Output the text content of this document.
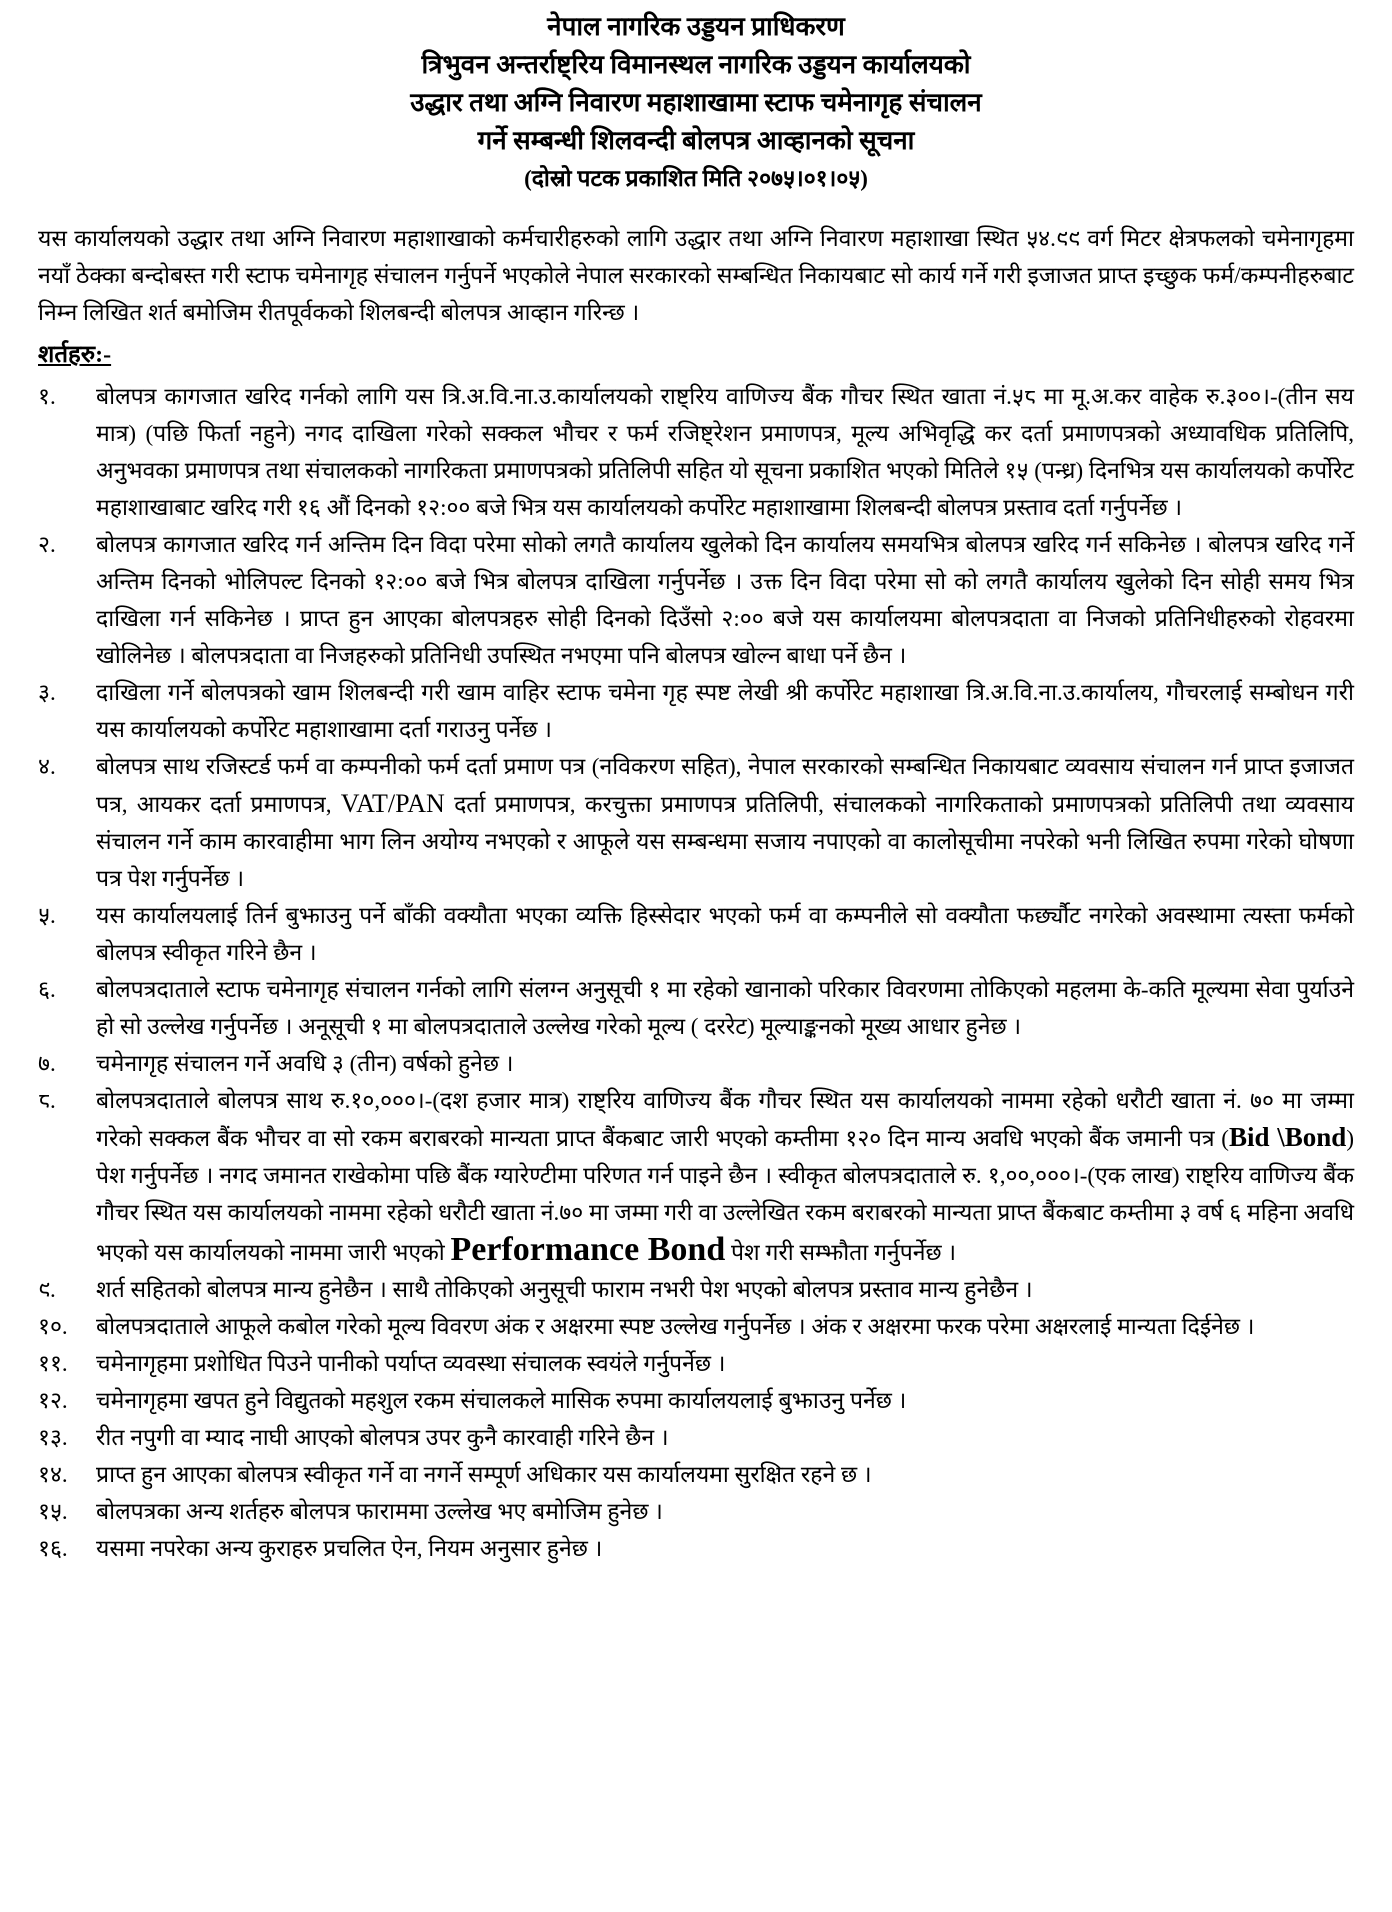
नेपाल नागरिक उड्डयन प्राधिकरण
त्रिभुवन अन्तर्राष्ट्रिय विमानस्थल नागरिक उड्डयन कार्यालयको
उद्धार तथा अग्नि निवारण महाशाखामा स्टाफ चमेनागृह संचालन
गर्ने सम्बन्धी शिलवन्दी बोलपत्र आव्हानको सूचना
(दोस्रो पटक प्रकाशित मिति २०७५।०१।०५)

यस कार्यालयको उद्धार तथा अग्नि निवारण महाशाखाको कर्मचारीहरुको लागि उद्धार तथा अग्नि निवारण महाशाखा स्थित ५४.९९ वर्ग मिटर क्षेत्रफलको चमेनागृहमा नयाँ ठेक्का बन्दोबस्त गरी स्टाफ चमेनागृह संचालन गर्नुपर्ने भएकोले नेपाल सरकारको सम्बन्धित निकायबाट सो कार्य गर्ने गरी इजाजत प्राप्त इच्छुक फर्म/कम्पनीहरुबाट निम्न लिखित शर्त बमोजिम रीतपूर्वकको शिलबन्दी बोलपत्र आव्हान गरिन्छ ।

शर्तहरु:-
१.	बोलपत्र कागजात खरिद गर्नको लागि यस त्रि.अ.वि.ना.उ.कार्यालयको राष्ट्रिय वाणिज्य बैंक गौचर स्थित खाता नं.५८ मा मू.अ.कर वाहेक रु.३००।-(तीन सय मात्र) (पछि फिर्ता नहुने) नगद दाखिला गरेको सक्कल भौचर र फर्म रजिष्ट्रेशन प्रमाणपत्र, मूल्य अभिवृद्धि कर दर्ता प्रमाणपत्रको अध्यावधिक प्रतिलिपि, अनुभवका प्रमाणपत्र तथा संचालकको नागरिकता प्रमाणपत्रको प्रतिलिपी सहित यो सूचना प्रकाशित भएको मितिले १५ (पन्ध्र) दिनभित्र यस कार्यालयको कर्पोरेट महाशाखाबाट खरिद गरी १६ औं दिनको १२:०० बजे भित्र यस कार्यालयको कर्पोरेट महाशाखामा शिलबन्दी बोलपत्र प्रस्ताव दर्ता गर्नुपर्नेछ ।
२.	बोलपत्र कागजात खरिद गर्न अन्तिम दिन विदा परेमा सोको लगतै कार्यालय खुलेको दिन कार्यालय समयभित्र बोलपत्र खरिद गर्न सकिनेछ । बोलपत्र खरिद गर्ने अन्तिम दिनको भोलिपल्ट दिनको १२:०० बजे भित्र बोलपत्र दाखिला गर्नुपर्नेछ । उक्त दिन विदा परेमा सो को लगतै कार्यालय खुलेको दिन सोही समय भित्र दाखिला गर्न सकिनेछ । प्राप्त हुन आएका बोलपत्रहरु सोही दिनको दिउँसो २:०० बजे यस कार्यालयमा बोलपत्रदाता वा निजको प्रतिनिधीहरुको रोहवरमा खोलिनेछ । बोलपत्रदाता वा निजहरुको प्रतिनिधी उपस्थित नभएमा पनि बोलपत्र खोल्न बाधा पर्ने छैन ।
३.	दाखिला गर्ने बोलपत्रको खाम शिलबन्दी गरी खाम वाहिर स्टाफ चमेना गृह स्पष्ट लेखी श्री कर्पोरेट महाशाखा त्रि.अ.वि.ना.उ.कार्यालय, गौचरलाई सम्बोधन गरी यस कार्यालयको कर्पोरेट महाशाखामा दर्ता गराउनु पर्नेछ ।
४.	बोलपत्र साथ रजिस्टर्ड फर्म वा कम्पनीको फर्म दर्ता प्रमाण पत्र (नविकरण सहित), नेपाल सरकारको सम्बन्धित निकायबाट व्यवसाय संचालन गर्न प्राप्त इजाजत पत्र, आयकर दर्ता प्रमाणपत्र, VAT/PAN दर्ता प्रमाणपत्र, करचुक्ता प्रमाणपत्र प्रतिलिपी, संचालकको नागरिकताको प्रमाणपत्रको प्रतिलिपी तथा व्यवसाय संचालन गर्ने काम कारवाहीमा भाग लिन अयोग्य नभएको र आफूले यस सम्बन्धमा सजाय नपाएको वा कालोसूचीमा नपरेको भनी लिखित रुपमा गरेको घोषणा पत्र पेश गर्नुपर्नेछ ।
५.	यस कार्यालयलाई तिर्न बुझाउनु पर्ने बाँकी वक्यौता भएका व्यक्ति हिस्सेदार भएको फर्म वा कम्पनीले सो वक्यौता फर्छ्यौट नगरेको अवस्थामा त्यस्ता फर्मको बोलपत्र स्वीकृत गरिने छैन ।
६.	बोलपत्रदाताले स्टाफ चमेनागृह संचालन गर्नको लागि संलग्न अनुसूची १ मा रहेको खानाको परिकार विवरणमा तोकिएको महलमा के-कति मूल्यमा सेवा पुर्याउने हो सो उल्लेख गर्नुपर्नेछ । अनूसूची १ मा बोलपत्रदाताले उल्लेख गरेको मूल्य ( दररेट) मूल्याङ्कनको मूख्य आधार हुनेछ ।
७.	चमेनागृह संचालन गर्ने अवधि ३ (तीन) वर्षको हुनेछ ।
८.	बोलपत्रदाताले बोलपत्र साथ रु.१०,०००।-(दश हजार मात्र) राष्ट्रिय वाणिज्य बैंक गौचर स्थित यस कार्यालयको नाममा रहेको धरौटी खाता नं. ७० मा जम्मा गरेको सक्कल बैंक भौचर वा सो रकम बराबरको मान्यता प्राप्त बैंकबाट जारी भएको कम्तीमा १२० दिन मान्य अवधि भएको बैंक जमानी पत्र (Bid \Bond) पेश गर्नुपर्नेछ । नगद जमानत राखेकोमा पछि बैंक ग्यारेण्टीमा परिणत गर्न पाइने छैन । स्वीकृत बोलपत्रदाताले रु. १,००,०००।-(एक लाख) राष्ट्रिय वाणिज्य बैंक गौचर स्थित यस कार्यालयको नाममा रहेको धरौटी खाता नं.७० मा जम्मा गरी वा उल्लेखित रकम बराबरको मान्यता प्राप्त बैंकबाट कम्तीमा ३ वर्ष ६ महिना अवधि भएको यस कार्यालयको नाममा जारी भएको Performance Bond पेश गरी सम्झौता गर्नुपर्नेछ ।
९.	शर्त सहितको बोलपत्र मान्य हुनेछैन । साथै तोकिएको अनुसूची फाराम नभरी पेश भएको बोलपत्र प्रस्ताव मान्य हुनेछैन ।
१०.	बोलपत्रदाताले आफूले कबोल गरेको मूल्य विवरण अंक र अक्षरमा स्पष्ट उल्लेख गर्नुपर्नेछ । अंक र अक्षरमा फरक परेमा अक्षरलाई मान्यता दिईनेछ ।
११.	चमेनागृहमा प्रशोधित पिउने पानीको पर्याप्त व्यवस्था संचालक स्वयंले गर्नुपर्नेछ ।
१२.	चमेनागृहमा खपत हुने विद्युतको महशुल रकम संचालकले मासिक रुपमा कार्यालयलाई बुझाउनु पर्नेछ ।
१३.	रीत नपुगी वा म्याद नाघी आएको बोलपत्र उपर कुनै कारवाही गरिने छैन ।
१४.	प्राप्त हुन आएका बोलपत्र स्वीकृत गर्ने वा नगर्ने सम्पूर्ण अधिकार यस कार्यालयमा सुरक्षित रहने छ ।
१५.	बोलपत्रका अन्य शर्तहरु बोलपत्र फाराममा उल्लेख भए बमोजिम हुनेछ ।
१६.	यसमा नपरेका अन्य कुराहरु प्रचलित ऐन, नियम अनुसार हुनेछ ।
